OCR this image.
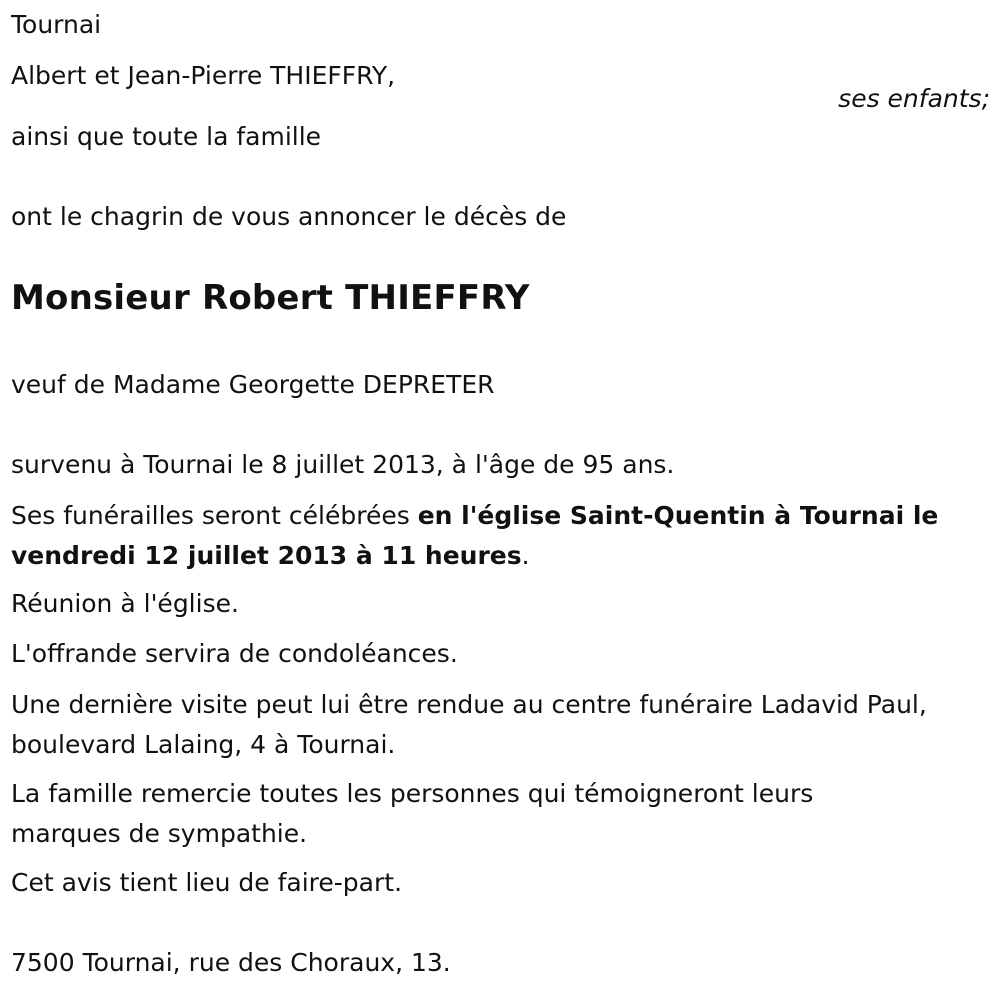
Tournai
Albert et Jean-Pierre THIEFFRY,
ses enfants;
ainsi que toute la famille
ont le chagrin de vous annoncer le décès de
Monsieur Robert THIEFFRY
veuf de Madame Georgette DEPRETER
survenu à Tournai le 8 juillet 2013, à l'âge de 95 ans.
Ses funérailles seront célébrées en l'église Saint-Quentin à Tournai le vendredi 12 juillet 2013 à 11 heures.
Réunion à l'église.
L'offrande servira de condoléances.
Une dernière visite peut lui être rendue au centre funéraire Ladavid Paul, boulevard Lalaing, 4 à Tournai.
La famille remercie toutes les personnes qui témoigneront leurs marques de sympathie.
Cet avis tient lieu de faire-part.
7500 Tournai, rue des Choraux, 13.
